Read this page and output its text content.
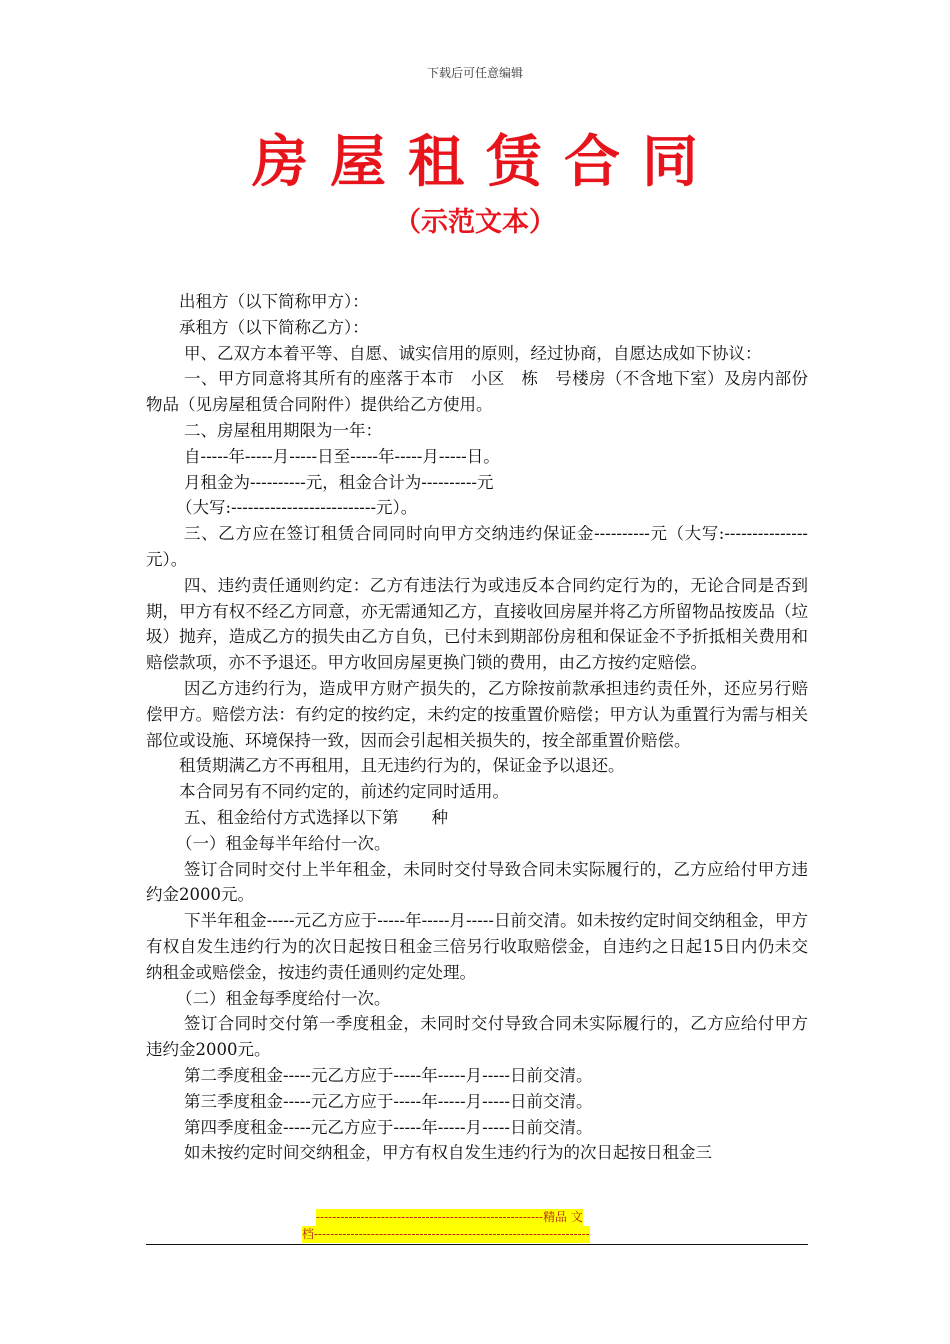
下载后可任意编辑
房屋租赁合同
（示范文本）

出租方（以下简称甲方）：

承租方（以下简称乙方）：

甲、乙双方本着平等、自愿、诚实信用的原则，经过协商，自愿达成如下协议：

一、甲方同意将其所有的座落于本市　小区　栋　号楼房（不含地下室）及房内部份物品（见房屋租赁合同附件）提供给乙方使用。

二、房屋租用期限为一年：

自-----年-----月-----日至-----年-----月-----日。

月租金为----------元，租金合计为----------元

（大写:--------------------------元）。

三、乙方应在签订租赁合同同时向甲方交纳违约保证金----------元（大写:---------------元）。

四、违约责任通则约定：乙方有违法行为或违反本合同约定行为的，无论合同是否到期，甲方有权不经乙方同意，亦无需通知乙方，直接收回房屋并将乙方所留物品按废品（垃圾）抛弃，造成乙方的损失由乙方自负，已付未到期部份房租和保证金不予折抵相关费用和赔偿款项，亦不予退还。甲方收回房屋更换门锁的费用，由乙方按约定赔偿。

因乙方违约行为，造成甲方财产损失的，乙方除按前款承担违约责任外，还应另行赔偿甲方。赔偿方法：有约定的按约定，未约定的按重置价赔偿；甲方认为重置行为需与相关部位或设施、环境保持一致，因而会引起相关损失的，按全部重置价赔偿。

租赁期满乙方不再租用，且无违约行为的，保证金予以退还。

本合同另有不同约定的，前述约定同时适用。

五、租金给付方式选择以下第　　种

（一）租金每半年给付一次。

签订合同时交付上半年租金，未同时交付导致合同未实际履行的，乙方应给付甲方违约金2000元。

下半年租金-----元乙方应于-----年-----月-----日前交清。如未按约定时间交纳租金，甲方有权自发生违约行为的次日起按日租金三倍另行收取赔偿金，自违约之日起15日内仍未交纳租金或赔偿金，按违约责任通则约定处理。

（二）租金每季度给付一次。

签订合同时交付第一季度租金，未同时交付导致合同未实际履行的，乙方应给付甲方违约金2000元。

第二季度租金-----元乙方应于-----年-----月-----日前交清。

第三季度租金-----元乙方应于-----年-----月-----日前交清。

第四季度租金-----元乙方应于-----年-----月-----日前交清。

如未按约定时间交纳租金，甲方有权自发生违约行为的次日起按日租金三

--------------------------------------------------------精品 文
档--------------------------------------------------------------------
